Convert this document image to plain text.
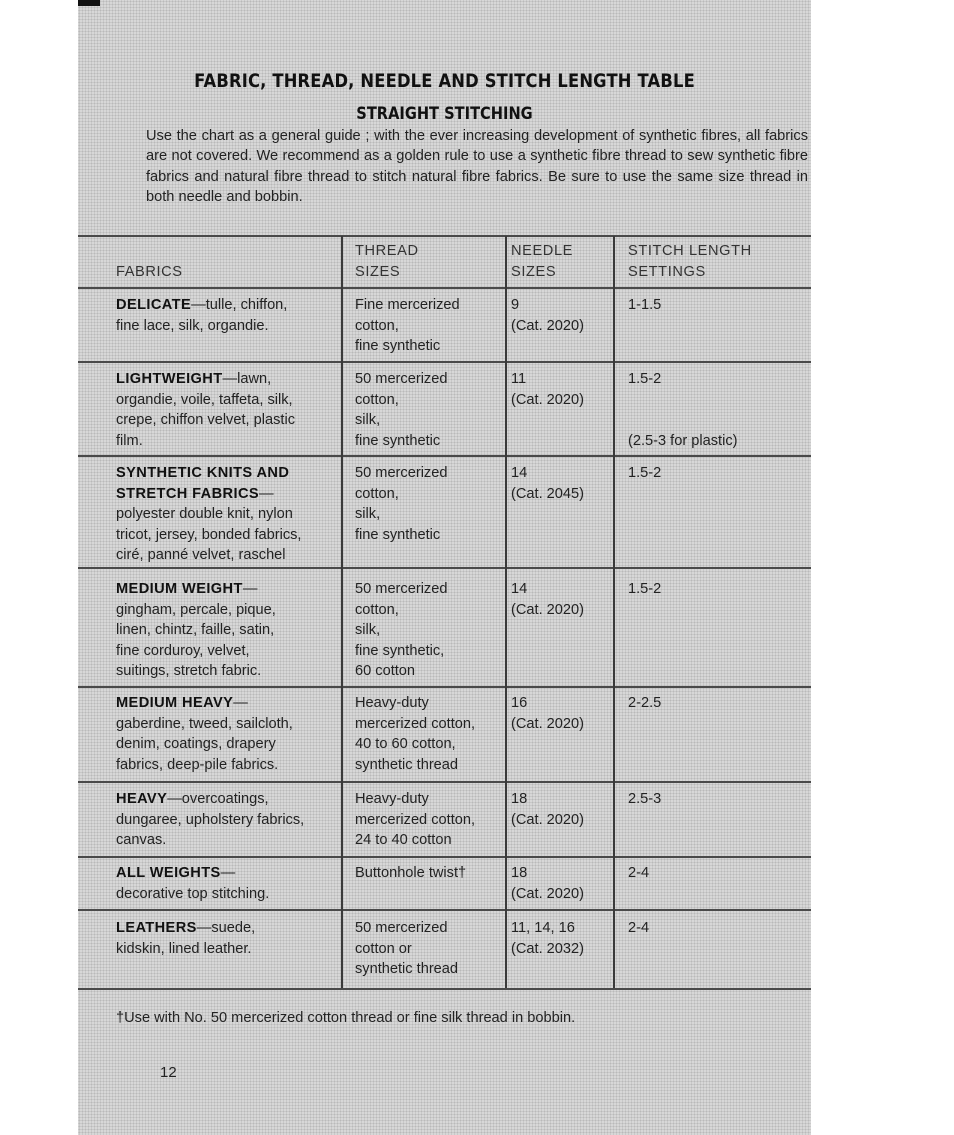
FABRIC, THREAD, NEEDLE AND STITCH LENGTH TABLE
STRAIGHT STITCHING
Use the chart as a general guide ; with the ever increasing development of synthetic fibres, all fabrics are not covered. We recommend as a golden rule to use a synthetic fibre thread to sew synthetic fibre fabrics and natural fibre thread to stitch natural fibre fabrics. Be sure to use the same size thread in both needle and bobbin.
FABRICS
THREAD
SIZES
NEEDLE
SIZES
STITCH LENGTH
SETTINGS
DELICATE—tulle, chiffon,
fine lace, silk, organdie.
Fine mercerized
cotton,
fine synthetic
9
(Cat. 2020)
1-1.5
LIGHTWEIGHT—lawn,
organdie, voile, taffeta, silk,
crepe, chiffon velvet, plastic
film.
50 mercerized
cotton,
silk,
fine synthetic
11
(Cat. 2020)
1.5-2

(2.5-3 for plastic)
SYNTHETIC KNITS AND
STRETCH FABRICS—
polyester double knit, nylon
tricot, jersey, bonded fabrics,
ciré, panné velvet, raschel
50 mercerized
cotton,
silk,
fine synthetic
14
(Cat. 2045)
1.5-2
MEDIUM WEIGHT—
gingham, percale, pique,
linen, chintz, faille, satin,
fine corduroy, velvet,
suitings, stretch fabric.
50 mercerized
cotton,
silk,
fine synthetic,
60 cotton
14
(Cat. 2020)
1.5-2
MEDIUM HEAVY—
gaberdine, tweed, sailcloth,
denim, coatings, drapery
fabrics, deep-pile fabrics.
Heavy-duty
mercerized cotton,
40 to 60 cotton,
synthetic thread
16
(Cat. 2020)
2-2.5
HEAVY—overcoatings,
dungaree, upholstery fabrics,
canvas.
Heavy-duty
mercerized cotton,
24 to 40 cotton
18
(Cat. 2020)
2.5-3
ALL WEIGHTS—
decorative top stitching.
Buttonhole twist†	18
(Cat. 2020)
2-4
LEATHERS—suede,
kidskin, lined leather.
50 mercerized
cotton or
synthetic thread
11, 14, 16
(Cat. 2032)
2-4
†Use with No. 50 mercerized cotton thread or fine silk thread in bobbin.
12
